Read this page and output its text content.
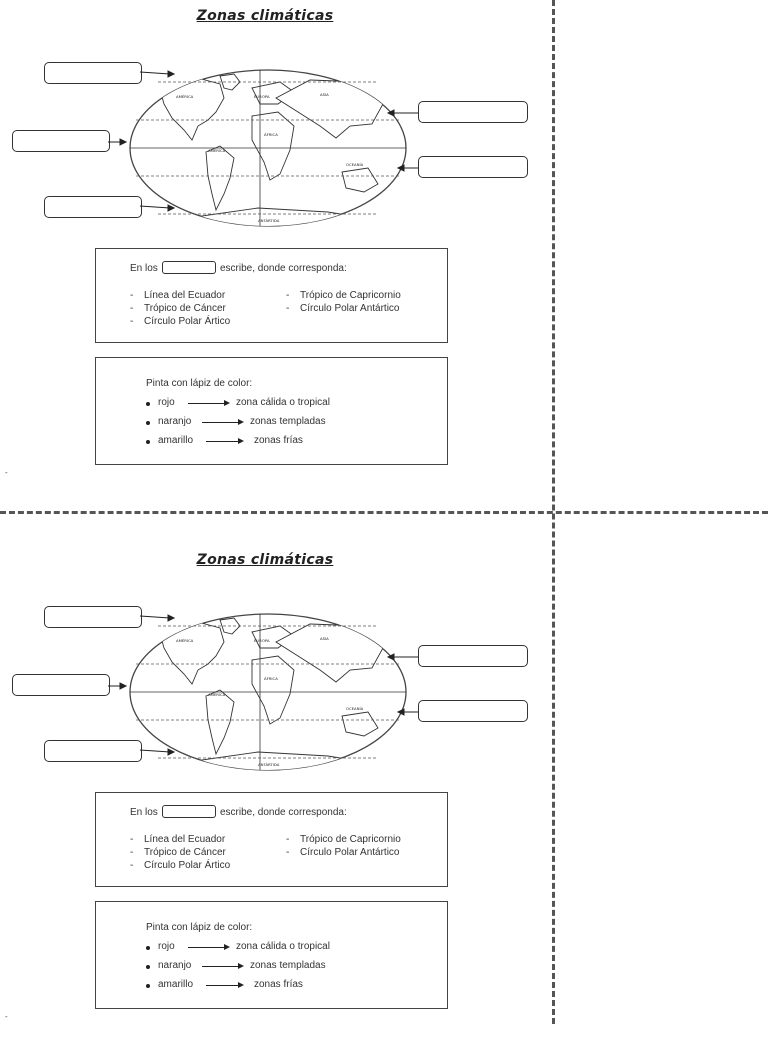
Zonas climáticas
AMÉRICA	EUROPA	ASIA
ÁFRICA
AMÉRICA
OCEANÍA
ANTÁRTIDA
En los	escribe, donde corresponda:
- Línea del Ecuador
- Trópico de Cáncer
- Círculo Polar Ártico
- Trópico de Capricornio
- Círculo Polar Antártico
Pinta con lápiz de color:
rojo	zona cálida o tropical
naranjo	zonas templadas
amarillo	zonas frías
-
Zonas climáticas
AMÉRICA	EUROPA	ASIA
ÁFRICA
AMÉRICA
OCEANÍA
ANTÁRTIDA
En los	escribe, donde corresponda:
- Línea del Ecuador
- Trópico de Cáncer
- Círculo Polar Ártico
- Trópico de Capricornio
- Círculo Polar Antártico
Pinta con lápiz de color:
rojo	zona cálida o tropical
naranjo	zonas templadas
amarillo	zonas frías
-
